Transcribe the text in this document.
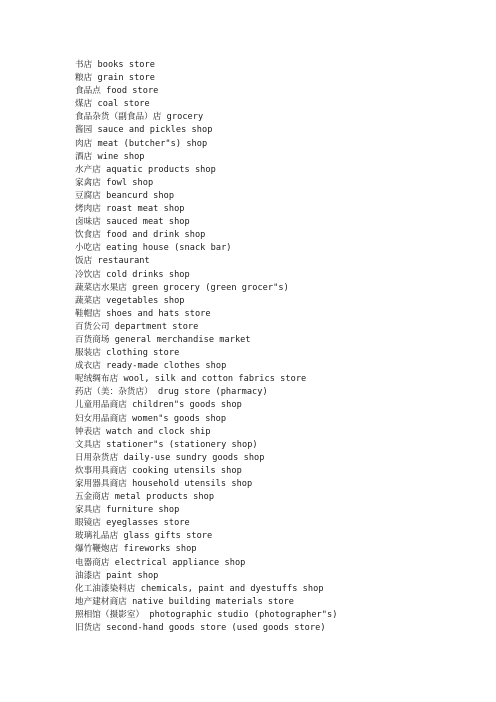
书店 books store
粮店 grain store
食品点 food store
煤店 coal store
食品杂货（副食品）店 grocery
酱园 sauce and pickles shop
肉店 meat (butcher"s) shop
酒店 wine shop
水产店 aquatic products shop
家禽店 fowl shop
豆腐店 beancurd shop
烤肉店 roast meat shop
卤味店 sauced meat shop
饮食店 food and drink shop
小吃店 eating house (snack bar)
饭店 restaurant
冷饮店 cold drinks shop
蔬菜店水果店 green grocery (green grocer"s)
蔬菜店 vegetables shop
鞋帽店 shoes and hats store
百货公司 department store
百货商场 general merchandise market
服装店 clothing store
成衣店 ready-made clothes shop
呢绒绸布店 wool, silk and cotton fabrics store
药店（美：杂货店） drug store (pharmacy)
儿童用品商店 children"s goods shop
妇女用品商店 women"s goods shop
钟表店 watch and clock ship
文具店 stationer"s (stationery shop)
日用杂货店 daily-use sundry goods shop
炊事用具商店 cooking utensils shop
家用器具商店 household utensils shop
五金商店 metal products shop
家具店 furniture shop
眼镜店 eyeglasses store
玻璃礼品店 glass gifts store
爆竹鞭炮店 fireworks shop
电器商店 electrical appliance shop
油漆店 paint shop
化工油漆染料店 chemicals, paint and dyestuffs shop
地产建材商店 native building materials store
照相馆（摄影室） photographic studio (photographer"s)
旧货店 second-hand goods store (used goods store)
